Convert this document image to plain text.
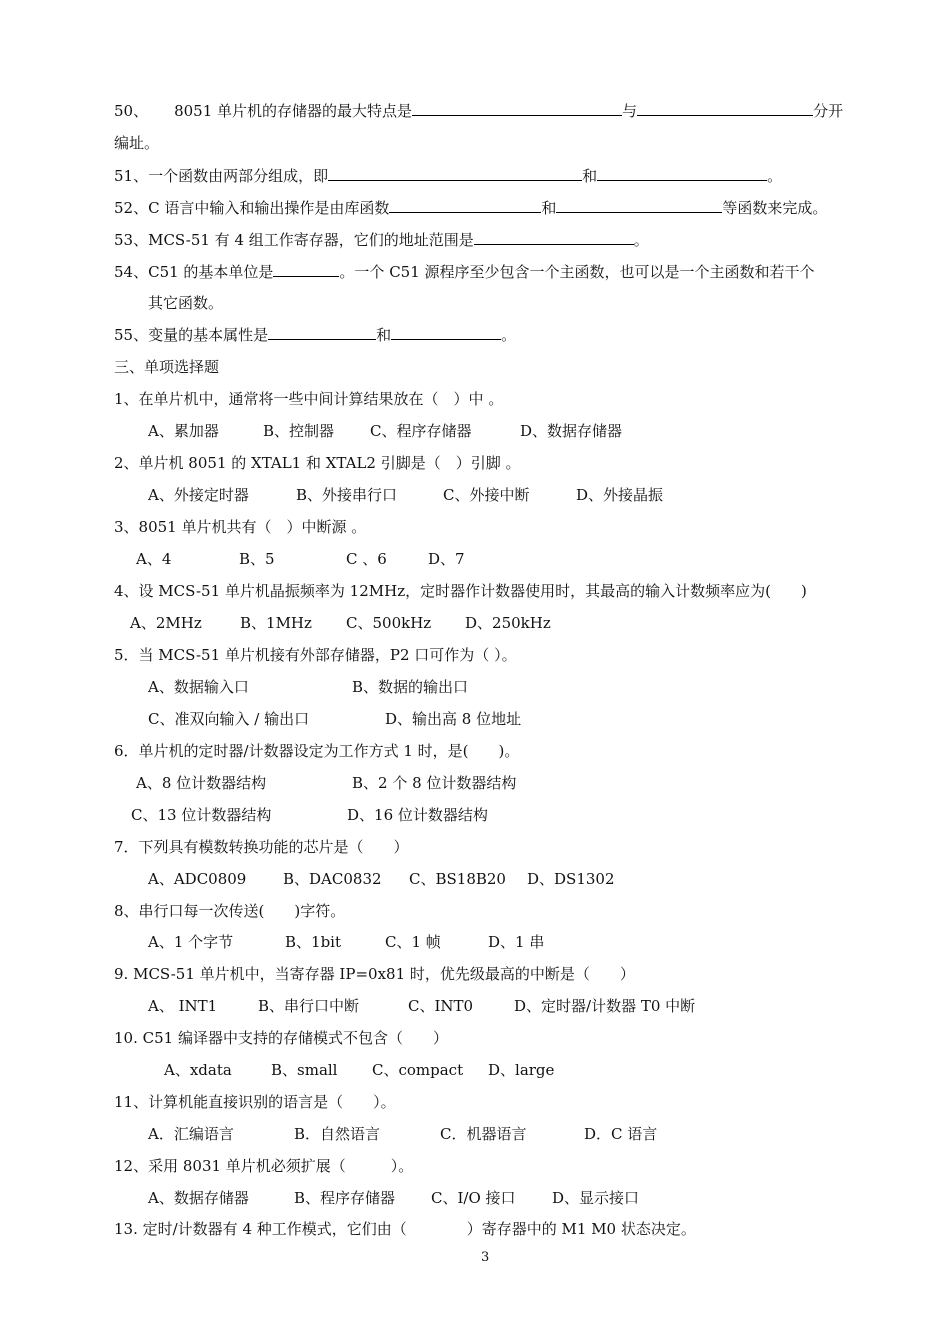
50、 8051 单片机的存储器的最大特点是	与	分开
编址。
51、一个函数由两部分组成，即	和	。
52、C 语言中输入和输出操作是由库函数	和	等函数来完成。
53、MCS-51 有 4 组工作寄存器，它们的地址范围是	。
54、C51 的基本单位是	。一个 C51 源程序至少包含一个主函数，也可以是一个主函数和若干个
其它函数。
55、变量的基本属性是	和	。
三、单项选择题
1、在单片机中，通常将一些中间计算结果放在（　）中 。
A、累加器	B、控制器 C、程序存储器	D、数据存储器
2、单片机 8051 的 XTAL1 和 XTAL2 引脚是（　）引脚 。
A、外接定时器	B、外接串行口	C、外接中断	D、外接晶振
3、8051 单片机共有（　）中断源 。
A、4	B、5	C 、6	D、7
4、设 MCS-51 单片机晶振频率为 12MHz，定时器作计数器使用时，其最高的输入计数频率应为(　　)
A、2MHz	B、1MHz C、500kHz D、250kHz
5．当 MCS-51 单片机接有外部存储器，P2 口可作为（ ）。
A、数据输入口	B、数据的输出口
C、准双向输入 / 输出口	D、输出高 8 位地址
6．单片机的定时器/计数器设定为工作方式 1 时，是(　　)。
A、8 位计数器结构	B、2 个 8 位计数器结构
C、13 位计数器结构	D、16 位计数器结构
7．下列具有模数转换功能的芯片是（　　）
A、ADC0809 B、DAC0832 C、BS18B20 D、DS1302
8、串行口每一次传送(　　)字符。
A、1 个字节	B、1bit	C、1 帧	D、1 串
9. MCS-51 单片机中，当寄存器 IP=0x81 时，优先级最高的中断是（　　）
A、 INT1	B、串行口中断	C、INT0	D、定时器/计数器 T0 中断
10. C51 编译器中支持的存储模式不包含（　　）
A、xdata	B、small C、compact D、large
11、计算机能直接识别的语言是（　　）。
A．汇编语言	B．自然语言	C．机器语言	D．C 语言
12、采用 8031 单片机必须扩展（　　　）。
A、数据存储器	B、程序存储器 C、I/O 接口 D、显示接口
13. 定时/计数器有 4 种工作模式，它们由（　　　　）寄存器中的 M1 M0 状态决定。
3
